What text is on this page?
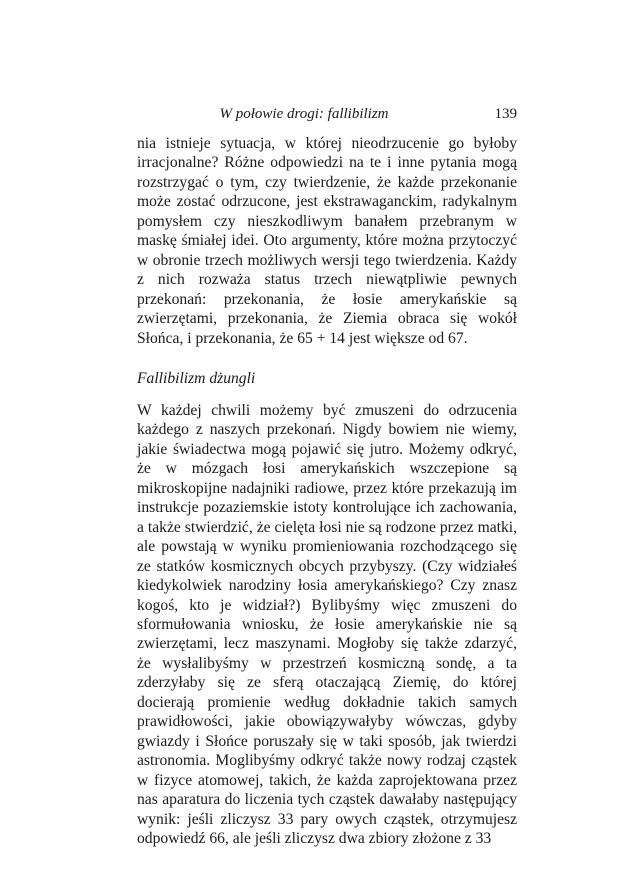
W połowie drogi: fallibilizm	139

nia istnieje sytuacja, w której nieodrzucenie go byłoby irracjonalne? Różne odpowiedzi na te i inne pytania mogą rozstrzygać o tym, czy twierdzenie, że każde przekonanie może zostać odrzucone, jest ekstrawaganckim, radykalnym pomysłem czy nieszkodliwym banałem przebranym w maskę śmiałej idei. Oto argumenty, które można przytoczyć w obronie trzech możliwych wersji tego twierdzenia. Każdy z nich rozważa status trzech niewątpliwie pewnych przekonań: przekonania, że łosie amerykańskie są zwierzętami, przekonania, że Ziemia obraca się wokół Słońca, i przekonania, że 65 + 14 jest większe od 67.

Fallibilizm dżungli

W każdej chwili możemy być zmuszeni do odrzucenia każdego z naszych przekonań. Nigdy bowiem nie wiemy, jakie świadectwa mogą pojawić się jutro. Możemy odkryć, że w mózgach łosi amerykańskich wszczepione są mikroskopijne nadajniki radiowe, przez które przekazują im instrukcje pozaziemskie istoty kontrolujące ich zachowania, a także stwierdzić, że cielęta łosi nie są rodzone przez matki, ale powstają w wyniku promieniowania rozchodzącego się ze statków kosmicznych obcych przybyszy. (Czy widziałeś kiedykolwiek narodziny łosia amerykańskiego? Czy znasz kogoś, kto je widział?) Bylibyśmy więc zmuszeni do sformułowania wniosku, że łosie amerykańskie nie są zwierzętami, lecz maszynami. Mogłoby się także zdarzyć, że wysłalibyśmy w przestrzeń kosmiczną sondę, a ta zderzyłaby się ze sferą otaczającą Ziemię, do której docierają promienie według dokładnie takich samych prawidłowości, jakie obowiązywałyby wówczas, gdyby gwiazdy i Słońce poruszały się w taki sposób, jak twierdzi astronomia. Moglibyśmy odkryć także nowy rodzaj cząstek w fizyce atomowej, takich, że każda zaprojektowana przez nas aparatura do liczenia tych cząstek dawałaby następujący wynik: jeśli zliczysz 33 pary owych cząstek, otrzymujesz odpowiedź 66, ale jeśli zliczysz dwa zbiory złożone z 33
